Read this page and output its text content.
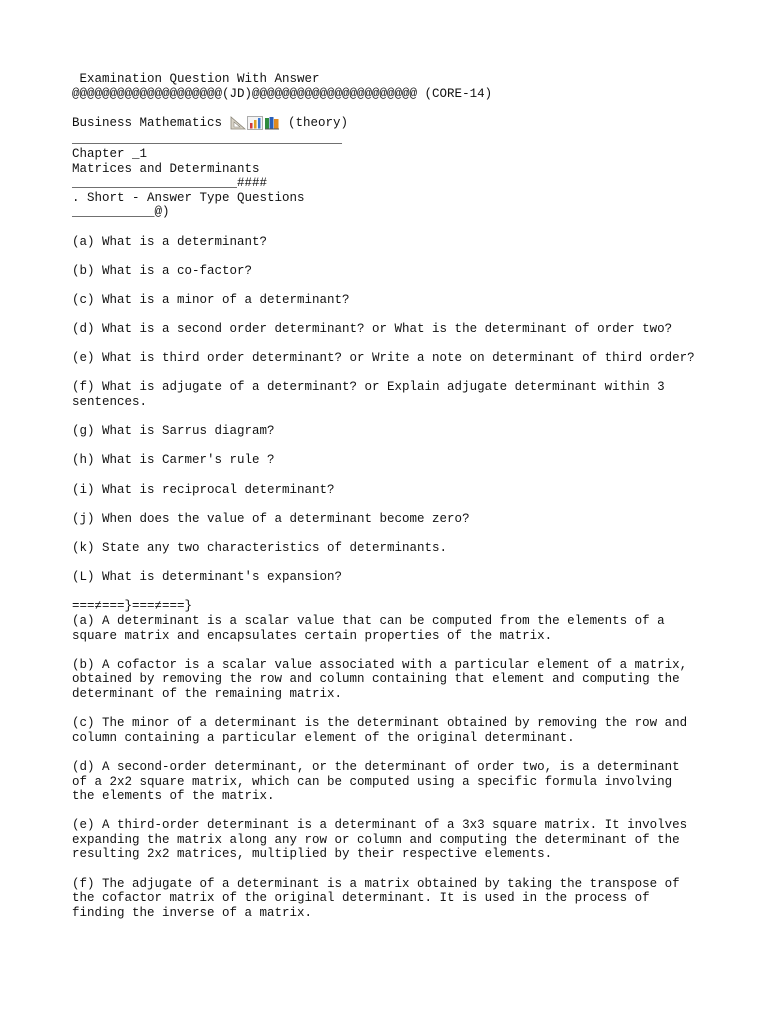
Examination Question With Answer
@@@@@@@@@@@@@@@@@@@@(JD)@@@@@@@@@@@@@@@@@@@@@@ (CORE-14)
Business Mathematics	(theory)
____________________________________
Chapter _1
Matrices and Determinants
______________________####
. Short - Answer Type Questions
___________@)
(a) What is a determinant?
(b) What is a co-factor?
(c) What is a minor of a determinant?
(d) What is a second order determinant? or What is the determinant of order two?
(e) What is third order determinant? or Write a note on determinant of third order?
(f) What is adjugate of a determinant? or Explain adjugate determinant within 3 sentences.
(g) What is Sarrus diagram?
(h) What is Carmer's rule ?
(i) What is reciprocal determinant?
(j) When does the value of a determinant become zero?
(k) State any two characteristics of determinants.
(L) What is determinant's expansion?
===≠===}===≠===}
(a) A determinant is a scalar value that can be computed from the elements of a square matrix and encapsulates certain properties of the matrix.
(b) A cofactor is a scalar value associated with a particular element of a matrix, obtained by removing the row and column containing that element and computing the determinant of the remaining matrix.
(c) The minor of a determinant is the determinant obtained by removing the row and column containing a particular element of the original determinant.
(d) A second-order determinant, or the determinant of order two, is a determinant of a 2x2 square matrix, which can be computed using a specific formula involving the elements of the matrix.
(e) A third-order determinant is a determinant of a 3x3 square matrix. It involves expanding the matrix along any row or column and computing the determinant of the resulting 2x2 matrices, multiplied by their respective elements.
(f) The adjugate of a determinant is a matrix obtained by taking the transpose of the cofactor matrix of the original determinant. It is used in the process of finding the inverse of a matrix.
